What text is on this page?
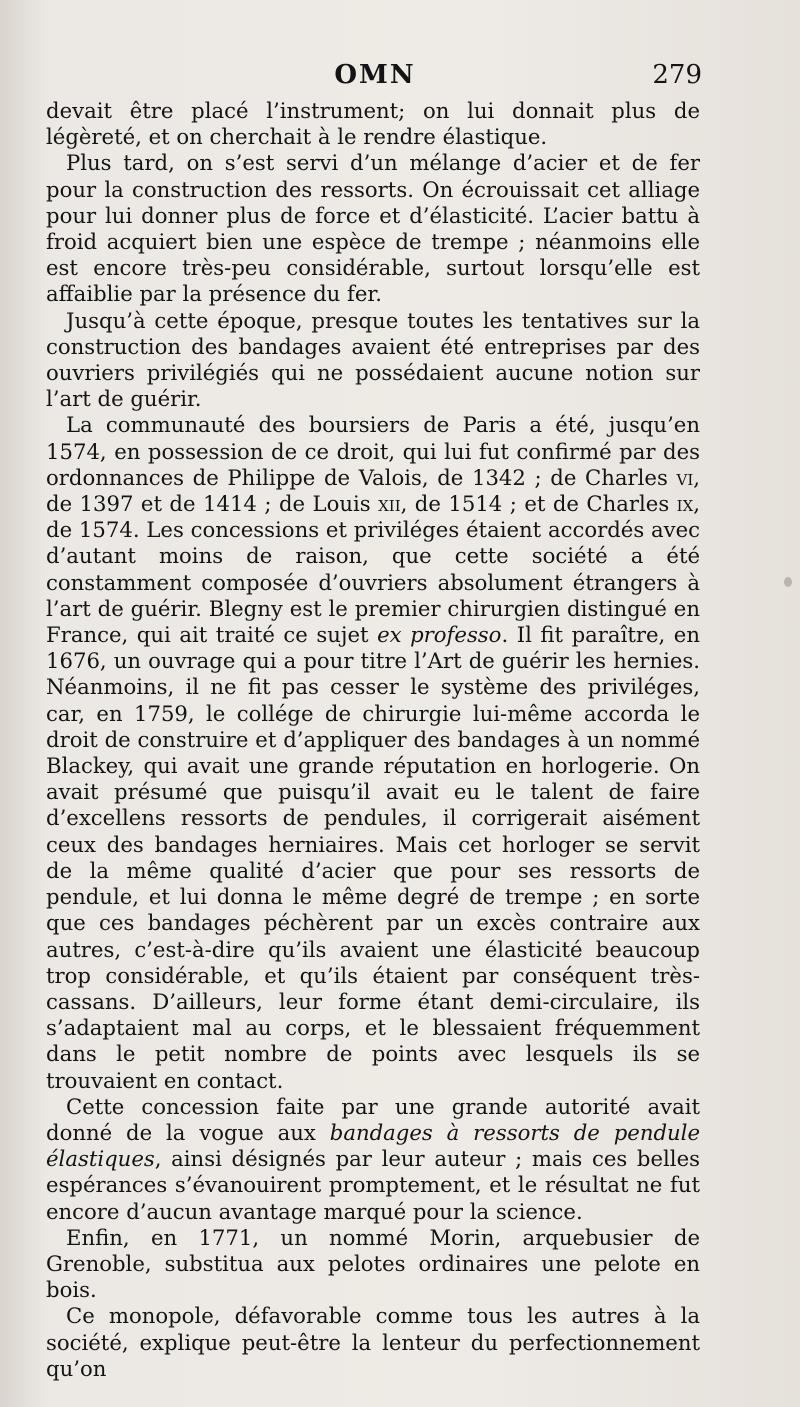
OMN	279

devait être placé l’instrument; on lui donnait plus de légèreté, et on cherchait à le rendre élastique.

Plus tard, on s’est servi d’un mélange d’acier et de fer pour la construction des ressorts. On écrouissait cet alliage pour lui donner plus de force et d’élasticité. L’acier battu à froid acquiert bien une espèce de trempe ; néanmoins elle est encore très-peu considérable, surtout lorsqu’elle est affaiblie par la présence du fer.

Jusqu’à cette époque, presque toutes les tentatives sur la construction des bandages avaient été entreprises par des ouvriers privilégiés qui ne possédaient aucune notion sur l’art de guérir.

La communauté des boursiers de Paris a été, jusqu’en 1574, en possession de ce droit, qui lui fut confirmé par des ordonnances de Philippe de Valois, de 1342 ; de Charles vi, de 1397 et de 1414 ; de Louis xii, de 1514 ; et de Charles ix, de 1574. Les concessions et priviléges étaient accordés avec d’autant moins de raison, que cette société a été constamment composée d’ouvriers absolument étrangers à l’art de guérir. Blegny est le premier chirurgien distingué en France, qui ait traité ce sujet ex professo. Il fit paraître, en 1676, un ouvrage qui a pour titre l’Art de guérir les hernies. Néanmoins, il ne fit pas cesser le système des priviléges, car, en 1759, le collége de chirurgie lui-même accorda le droit de construire et d’appliquer des bandages à un nommé Blackey, qui avait une grande réputation en horlogerie. On avait présumé que puisqu’il avait eu le talent de faire d’excellens ressorts de pendules, il corrigerait aisément ceux des bandages herniaires. Mais cet horloger se servit de la même qualité d’acier que pour ses ressorts de pendule, et lui donna le même degré de trempe ; en sorte que ces bandages péchèrent par un excès contraire aux autres, c’est-à-dire qu’ils avaient une élasticité beaucoup trop considérable, et qu’ils étaient par conséquent très-cassans. D’ailleurs, leur forme étant demi-circulaire, ils s’adaptaient mal au corps, et le blessaient fréquemment dans le petit nombre de points avec lesquels ils se trouvaient en contact.

Cette concession faite par une grande autorité avait donné de la vogue aux bandages à ressorts de pendule élastiques, ainsi désignés par leur auteur ; mais ces belles espérances s’évanouirent promptement, et le résultat ne fut encore d’aucun avantage marqué pour la science.

Enfin, en 1771, un nommé Morin, arquebusier de Grenoble, substitua aux pelotes ordinaires une pelote en bois.

Ce monopole, défavorable comme tous les autres à la société, explique peut-être la lenteur du perfectionnement qu’on
